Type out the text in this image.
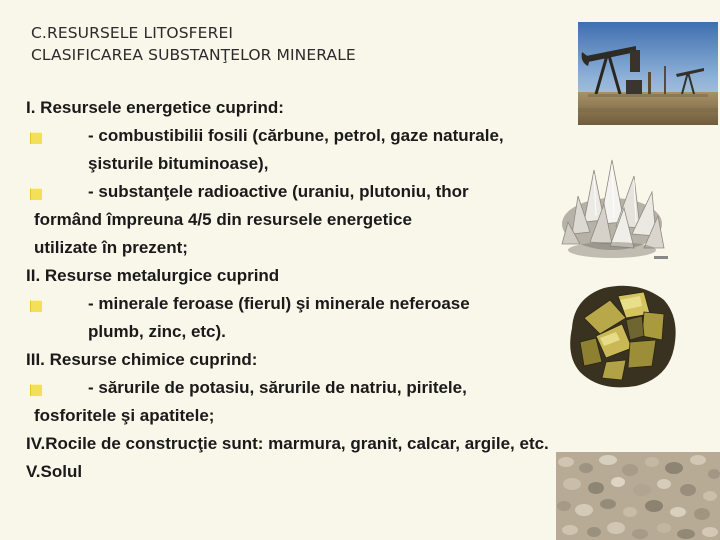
C.RESURSELE LITOSFEREI
CLASIFICAREA SUBSTANŢELOR MINERALE
I. Resursele energetice cuprind:
- combustibilii fosili (cărbune, petrol, gaze naturale,
şisturile bituminoase),
- substanţele radioactive (uraniu, plutoniu, thor
formând împreuna 4/5 din resursele energetice
utilizate în prezent;
II. Resurse metalurgice cuprind
- minerale feroase (fierul) şi minerale neferoase
plumb, zinc, etc).
III. Resurse chimice cuprind:
- sărurile de potasiu, sărurile de natriu, piritele,
fosforitele şi apatitele;
IV.Rocile de construcţie sunt: marmura, granit, calcar, argile, etc.
V.Solul
